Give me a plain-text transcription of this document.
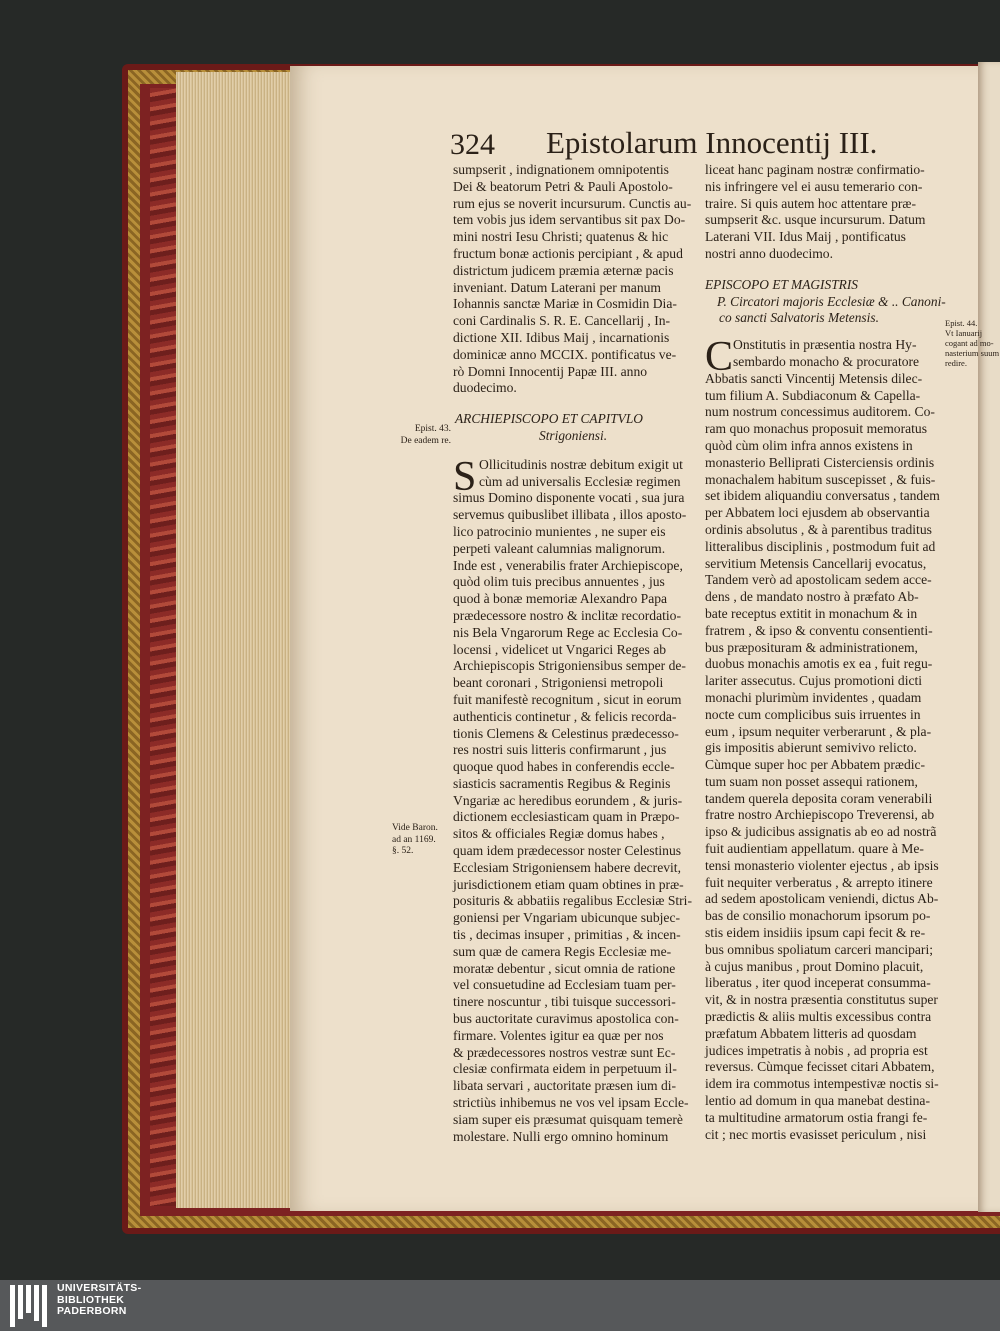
324 Epistolarum Innocentij III.
sumpserit , indignationem omnipotentis
Dei & beatorum Petri & Pauli Apostolo-
rum ejus se noverit incursurum. Cunctis au-
tem vobis jus idem servantibus sit pax Do-
mini nostri Iesu Christi; quatenus & hic
fructum bonæ actionis percipiant , & apud
districtum judicem præmia æternæ pacis
inveniant. Datum Laterani per manum
Iohannis sanctæ Mariæ in Cosmidin Dia-
coni Cardinalis S. R. E. Cancellarij , In-
dictione XII. Idibus Maij , incarnationis
dominicæ anno MCCIX. pontificatus ve-
rò Domni Innocentij Papæ III. anno
duodecimo.
ARCHIEPISCOPO ET CAPITVLO
Strigoniensi.
S Ollicitudinis nostræ debitum exigit ut
cùm ad universalis Ecclesiæ regimen
simus Domino disponente vocati , sua jura
servemus quibuslibet illibata , illos aposto-
lico patrocinio munientes , ne super eis
perpeti valeant calumnias malignorum.
Inde est , venerabilis frater Archiepiscope,
quòd olim tuis precibus annuentes , jus
quod à bonæ memoriæ Alexandro Papa
prædecessore nostro & inclitæ recordatio-
nis Bela Vngarorum Rege ac Ecclesia Co-
locensi , videlicet ut Vngarici Reges ab
Archiepiscopis Strigoniensibus semper de-
beant coronari , Strigoniensi metropoli
fuit manifestè recognitum , sicut in eorum
authenticis continetur , & felicis recorda-
tionis Clemens & Celestinus prædecesso-
res nostri suis litteris confirmarunt , jus
quoque quod habes in conferendis eccle-
siasticis sacramentis Regibus & Reginis
Vngariæ ac heredibus eorundem , & juris-
dictionem ecclesiasticam quam in Præpo-
sitos & officiales Regiæ domus habes ,
quam idem prædecessor noster Celestinus
Ecclesiam Strigoniensem habere decrevit,
jurisdictionem etiam quam obtines in præ-
posituris & abbatiis regalibus Ecclesiæ Stri-
goniensi per Vngariam ubicunque subjec-
tis , decimas insuper , primitias , & incen-
sum quæ de camera Regis Ecclesiæ me-
moratæ debentur , sicut omnia de ratione
vel consuetudine ad Ecclesiam tuam per-
tinere noscuntur , tibi tuisque successori-
bus auctoritate curavimus apostolica con-
firmare. Volentes igitur ea quæ per nos
& prædecessores nostros vestræ sunt Ec-
clesiæ confirmata eidem in perpetuum il-
libata servari , auctoritate præsen ium di-
strictiùs inhibemus ne vos vel ipsam Eccle-
siam super eis præsumat quisquam temerè
molestare. Nulli ergo omnino hominum
Epist. 43.
De eadem re.
Vide Baron.
ad an 1169.
§. 52.
liceat hanc paginam nostræ confirmatio-
nis infringere vel ei ausu temerario con-
traire. Si quis autem hoc attentare præ-
sumpserit &c. usque incursurum. Datum
Laterani VII. Idus Maij , pontificatus
nostri anno duodecimo.
EPISCOPO ET MAGISTRIS
P. Circatori majoris Ecclesiæ & .. Canoni-
co sancti Salvatoris Metensis.
C Onstitutis in præsentia nostra Hy-
sembardo monacho & procuratore
Abbatis sancti Vincentij Metensis dilec-
tum filium A. Subdiaconum & Capella-
num nostrum concessimus auditorem. Co-
ram quo monachus proposuit memoratus
quòd cùm olim infra annos existens in
monasterio Belliprati Cisterciensis ordinis
monachalem habitum suscepisset , & fuis-
set ibidem aliquandiu conversatus , tandem
per Abbatem loci ejusdem ab observantia
ordinis absolutus , & à parentibus traditus
litteralibus disciplinis , postmodum fuit ad
servitium Metensis Cancellarij evocatus,
Tandem verò ad apostolicam sedem acce-
dens , de mandato nostro à præfato Ab-
bate receptus extitit in monachum & in
fratrem , & ipso & conventu consentienti-
bus præposituram & administrationem,
duobus monachis amotis ex ea , fuit regu-
lariter assecutus. Cujus promotioni dicti
monachi plurimùm invidentes , quadam
nocte cum complicibus suis irruentes in
eum , ipsum nequiter verberarunt , & pla-
gis impositis abierunt semivivo relicto.
Cùmque super hoc per Abbatem prædic-
tum suam non posset assequi rationem,
tandem querela deposita coram venerabili
fratre nostro Archiepiscopo Treverensi, ab
ipso & judicibus assignatis ab eo ad nostrã
fuit audientiam appellatum. quare à Me-
tensi monasterio violenter ejectus , ab ipsis
fuit nequiter verberatus , & arrepto itinere
ad sedem apostolicam veniendi, dictus Ab-
bas de consilio monachorum ipsorum po-
stis eidem insidiis ipsum capi fecit & re-
bus omnibus spoliatum carceri mancipari;
à cujus manibus , prout Domino placuit,
liberatus , iter quod inceperat consumma-
vit, & in nostra præsentia constitutus super
prædictis & aliis multis excessibus contra
præfatum Abbatem litteris ad quosdam
judices impetratis à nobis , ad propria est
reversus. Cùmque fecisset citari Abbatem,
idem ira commotus intempestivæ noctis si-
lentio ad domum in qua manebat destina-
ta multitudine armatorum ostia frangi fe-
cit ; nec mortis evasisset periculum , nisi
Epist. 44.
Vt Ianuarij
cogant ad mo-
nasterium suum
redire.
UNIVERSITÄTS-
BIBLIOTHEK
PADERBORN
